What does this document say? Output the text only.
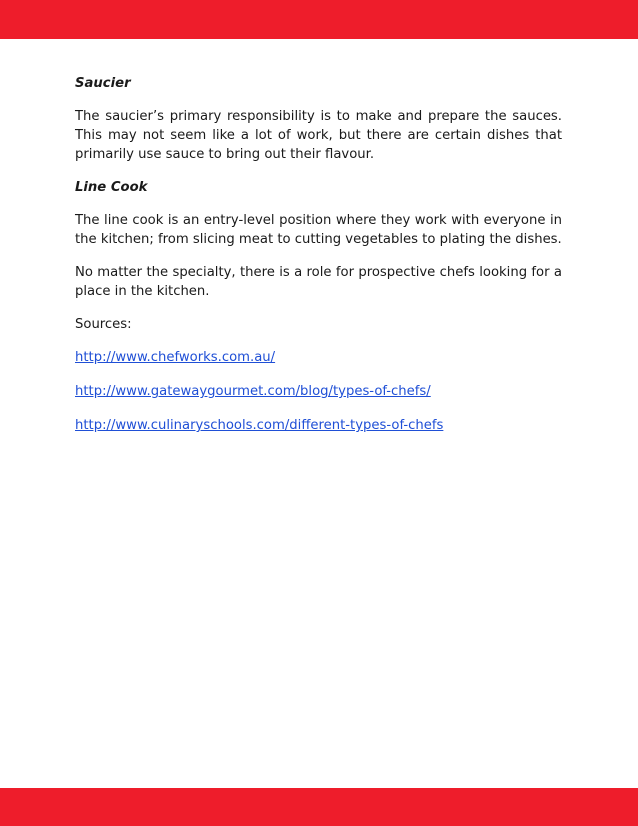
Saucier
The saucier’s primary responsibility is to make and prepare the sauces. This may not seem like a lot of work, but there are certain dishes that primarily use sauce to bring out their flavour.
Line Cook
The line cook is an entry-level position where they work with everyone in the kitchen; from slicing meat to cutting vegetables to plating the dishes.
No matter the specialty, there is a role for prospective chefs looking for a place in the kitchen.
Sources:
http://www.chefworks.com.au/
http://www.gatewaygourmet.com/blog/types-of-chefs/
http://www.culinaryschools.com/different-types-of-chefs
